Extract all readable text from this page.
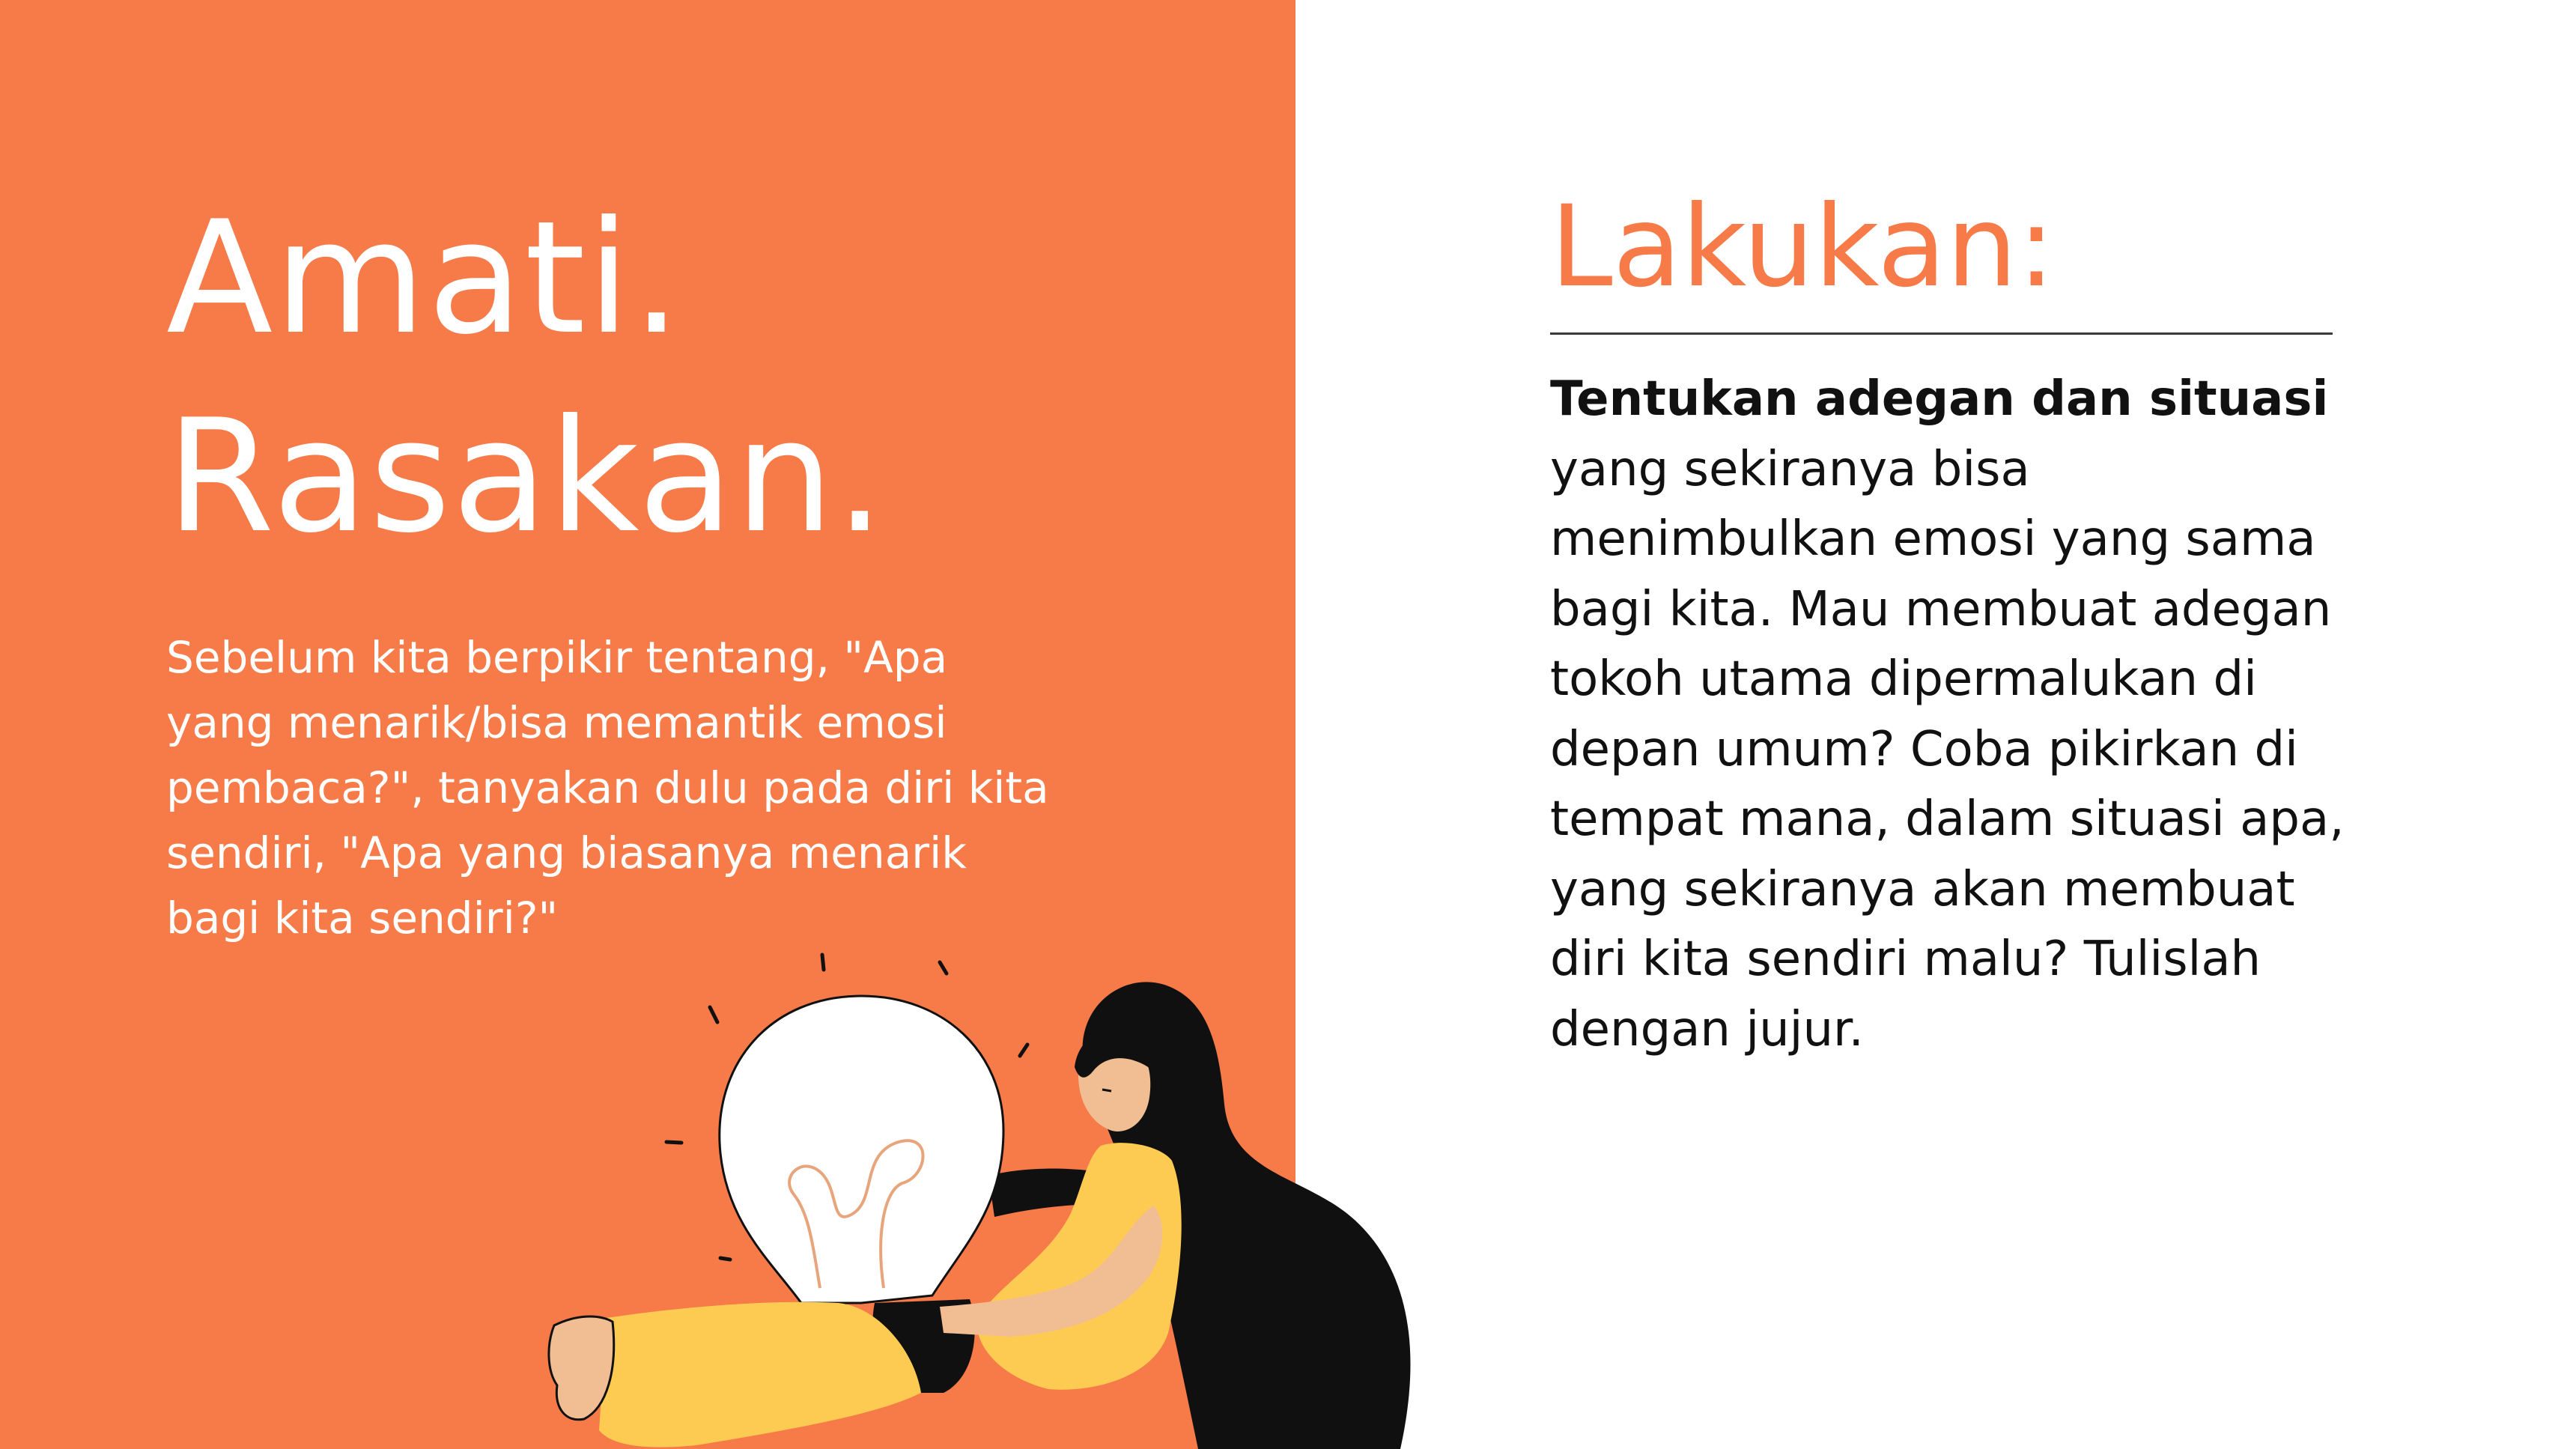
Amati.
Rasakan.

Sebelum kita berpikir tentang, "Apa yang menarik/bisa memantik emosi pembaca?", tanyakan dulu pada diri kita sendiri, "Apa yang biasanya menarik bagi kita sendiri?"

Lakukan:

Tentukan adegan dan situasi yang sekiranya bisa menimbulkan emosi yang sama bagi kita. Mau membuat adegan tokoh utama dipermalukan di depan umum? Coba pikirkan di tempat mana, dalam situasi apa, yang sekiranya akan membuat diri kita sendiri malu? Tulislah dengan jujur.
